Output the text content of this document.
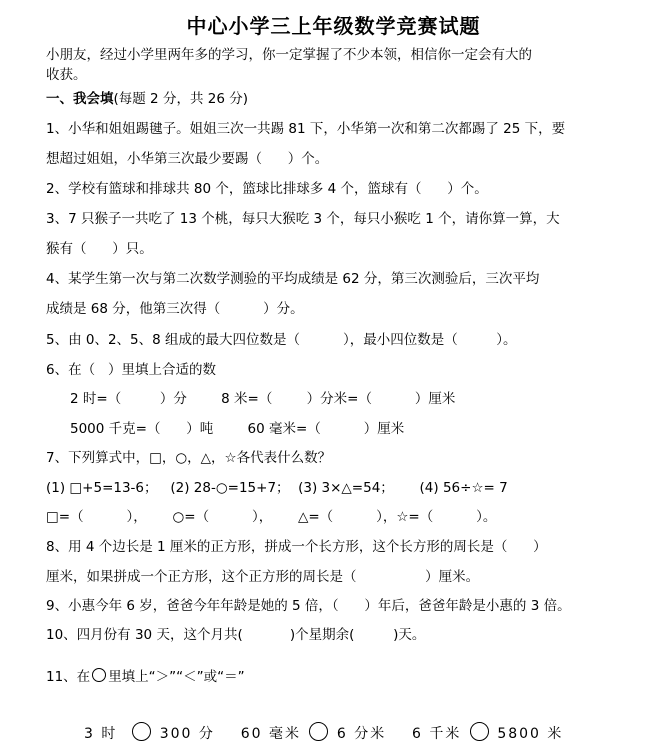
中心小学三上年级数学竞赛试题
小朋友，经过小学里两年多的学习，你一定掌握了不少本领，相信你一定会有大的
收获。
一、我会填(每题 2 分，共 26 分)
1、小华和姐姐踢毽子。姐姐三次一共踢 81 下，小华第一次和第二次都踢了 25 下，要
想超过姐姐，小华第三次最少要踢（      ）个。
2、学校有篮球和排球共 80 个，篮球比排球多 4 个，篮球有（      ）个。
3、7 只猴子一共吃了 13 个桃，每只大猴吃 3 个，每只小猴吃 1 个，请你算一算，大
猴有（      ）只。
4、某学生第一次与第二次数学测验的平均成绩是 62 分，第三次测验后，三次平均
成绩是 68 分，他第三次得（          ）分。
5、由 0、2、5、8 组成的最大四位数是（          ），最小四位数是（         ）。
6、在（   ）里填上合适的数
2 时=（         ）分        8 米=（        ）分米=（          ）厘米
5000 千克=（      ）吨        60 毫米=（          ）厘米
7、下列算式中，□，○，△，☆各代表什么数？
(1) □+5=13-6；   (2) 28-○=15+7；  (3) 3×△=54；      (4) 56÷☆= 7
□=（          ），      ○=（          ），      △=（          ），☆=（          ）。
8、用 4 个边长是 1 厘米的正方形，拼成一个长方形，这个长方形的周长是（      ）
厘米，如果拼成一个正方形，这个正方形的周长是（                ）厘米。
9、小惠今年 6 岁，爸爸今年年龄是她的 5 倍，（      ）年后，爸爸年龄是小惠的 3 倍。
10、四月份有 30 天，这个月共(           )个星期余(         )天。
11、在 里填上“＞”“＜”或“＝”
3 时	300 分 60 毫米	6 分米 6 千米	5800 米
